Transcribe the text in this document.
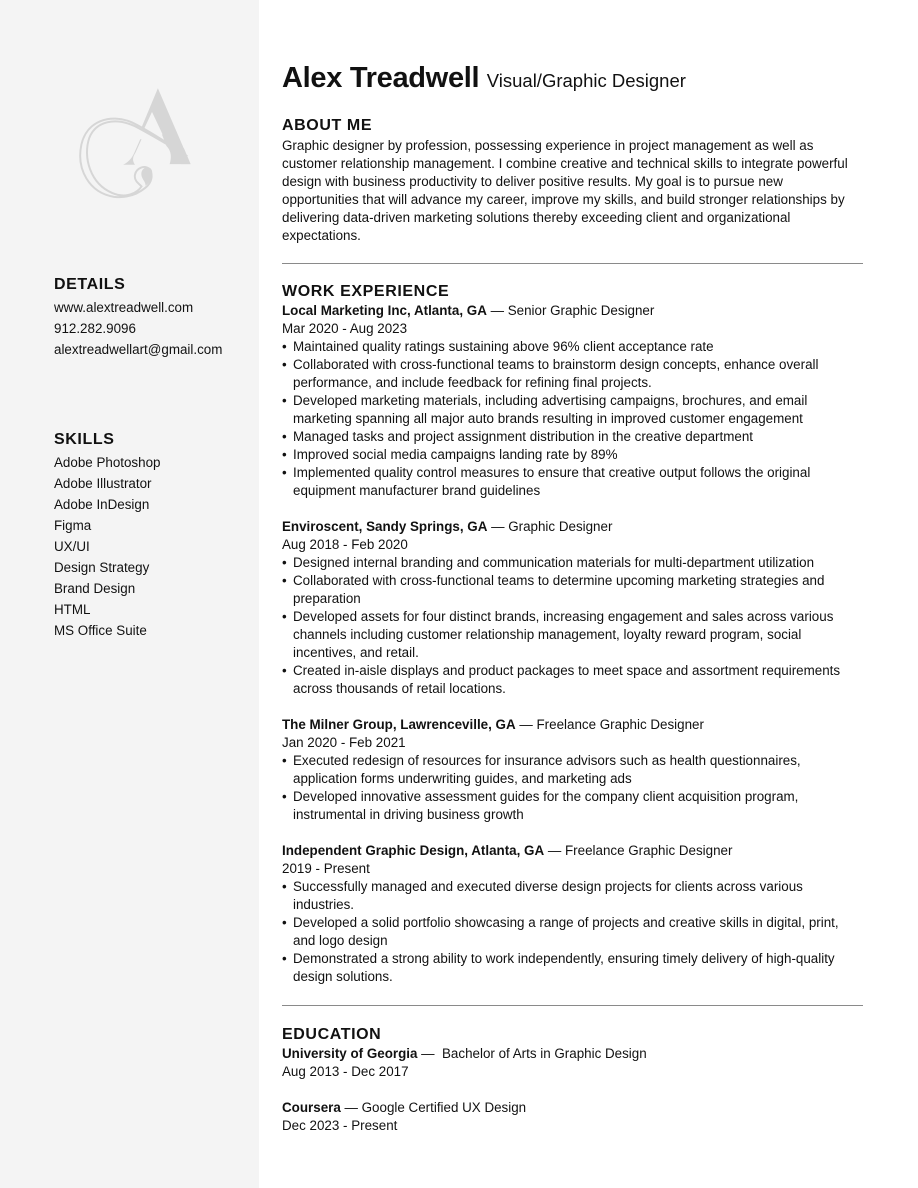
DETAILS
www.alextreadwell.com
912.282.9096
alextreadwellart@gmail.com
SKILLS
Adobe Photoshop
Adobe Illustrator
Adobe InDesign
Figma
UX/UI
Design Strategy
Brand Design
HTML
MS Office Suite
Alex Treadwell Visual/Graphic Designer
ABOUT ME

Graphic designer by profession, possessing experience in project management as well as customer relationship management. I combine creative and technical skills to integrate powerful design with business productivity to deliver positive results. My goal is to pursue new opportunities that will advance my career, improve my skills, and build stronger relationships by delivering data-driven marketing solutions thereby exceeding client and organizational expectations.

WORK EXPERIENCE
Local Marketing Inc, Atlanta, GA — Senior Graphic Designer
Mar 2020 - Aug 2023
• Maintained quality ratings sustaining above 96% client acceptance rate
• Collaborated with cross-functional teams to brainstorm design concepts, enhance overall performance, and include feedback for refining final projects.
• Developed marketing materials, including advertising campaigns, brochures, and email marketing spanning all major auto brands resulting in improved customer engagement
• Managed tasks and project assignment distribution in the creative department
• Improved social media campaigns landing rate by 89%
• Implemented quality control measures to ensure that creative output follows the original equipment manufacturer brand guidelines
Enviroscent, Sandy Springs, GA — Graphic Designer
Aug 2018 - Feb 2020
• Designed internal branding and communication materials for multi-department utilization
• Collaborated with cross-functional teams to determine upcoming marketing strategies and preparation
• Developed assets for four distinct brands, increasing engagement and sales across various channels including customer relationship management, loyalty reward program, social incentives, and retail.
• Created in-aisle displays and product packages to meet space and assortment requirements across thousands of retail locations.
The Milner Group, Lawrenceville, GA — Freelance Graphic Designer
Jan 2020 - Feb 2021
• Executed redesign of resources for insurance advisors such as health questionnaires, application forms underwriting guides, and marketing ads
• Developed innovative assessment guides for the company client acquisition program, instrumental in driving business growth
Independent Graphic Design, Atlanta, GA — Freelance Graphic Designer
2019 - Present
• Successfully managed and executed diverse design projects for clients across various industries.
• Developed a solid portfolio showcasing a range of projects and creative skills in digital, print, and logo design
• Demonstrated a strong ability to work independently, ensuring timely delivery of high-quality design solutions.
EDUCATION
University of Georgia —  Bachelor of Arts in Graphic Design
Aug 2013 - Dec 2017
Coursera — Google Certified UX Design
Dec 2023 - Present
